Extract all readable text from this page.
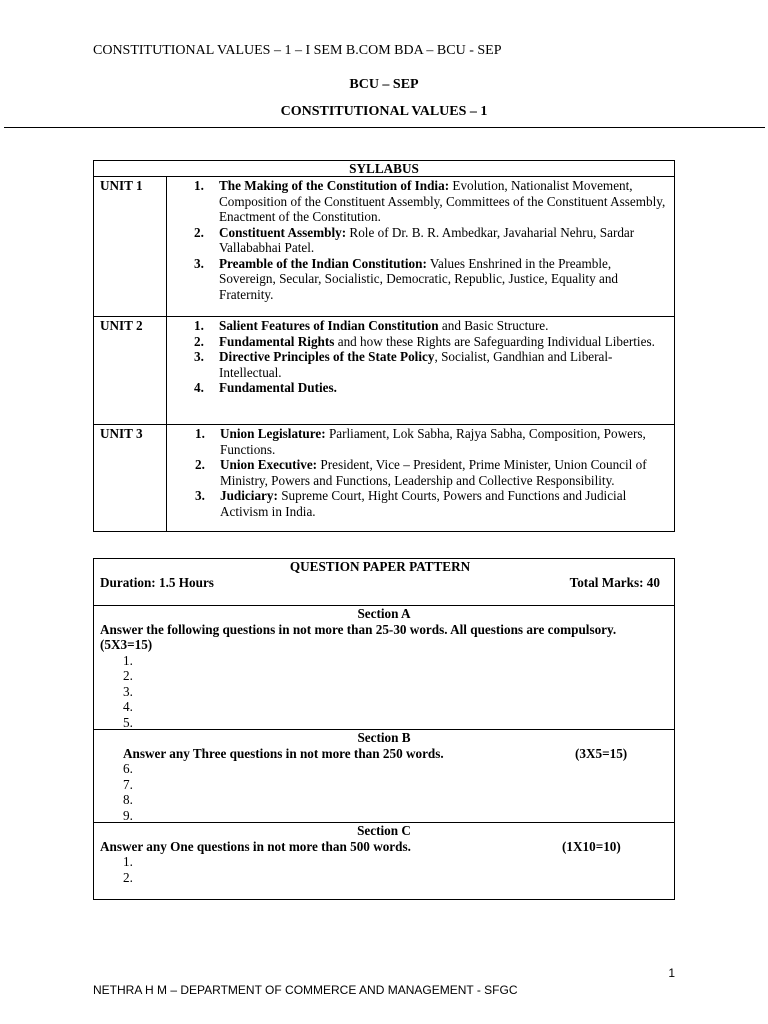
CONSTITUTIONAL VALUES – 1 – I SEM B.COM BDA – BCU - SEP
BCU – SEP
CONSTITUTIONAL VALUES – 1
SYLLABUS
UNIT 1	1. The Making of the Constitution of India: Evolution, Nationalist Movement, Composition of the Constituent Assembly, Committees of the Constituent Assembly, Enactment of the Constitution.
2. Constituent Assembly: Role of Dr. B. R. Ambedkar, Javaharial Nehru, Sardar Vallababhai Patel.
3. Preamble of the Indian Constitution: Values Enshrined in the Preamble, Sovereign, Secular, Socialistic, Democratic, Republic, Justice, Equality and Fraternity.
UNIT 2	1. Salient Features of Indian Constitution and Basic Structure.
2. Fundamental Rights and how these Rights are Safeguarding Individual Liberties.
3. Directive Principles of the State Policy, Socialist, Gandhian and Liberal-Intellectual.
4. Fundamental Duties.
UNIT 3	1. Union Legislature: Parliament, Lok Sabha, Rajya Sabha, Composition, Powers, Functions.
2. Union Executive: President, Vice – President, Prime Minister, Union Council of Ministry, Powers and Functions, Leadership and Collective Responsibility.
3. Judiciary: Supreme Court, Hight Courts, Powers and Functions and Judicial Activism in India.
QUESTION PAPER PATTERN
Duration: 1.5 Hours	Total Marks: 40
Section A
Answer the following questions in not more than 25-30 words. All questions are compulsory. (5X3=15)
1.
2.
3.
4.
5.
Section B
Answer any Three questions in not more than 250 words.	(3X5=15)
6.
7.
8.
9.
Section C
Answer any One questions in not more than 500 words.	(1X10=10)
1.
2.
1
NETHRA H M – DEPARTMENT OF COMMERCE AND MANAGEMENT - SFGC
